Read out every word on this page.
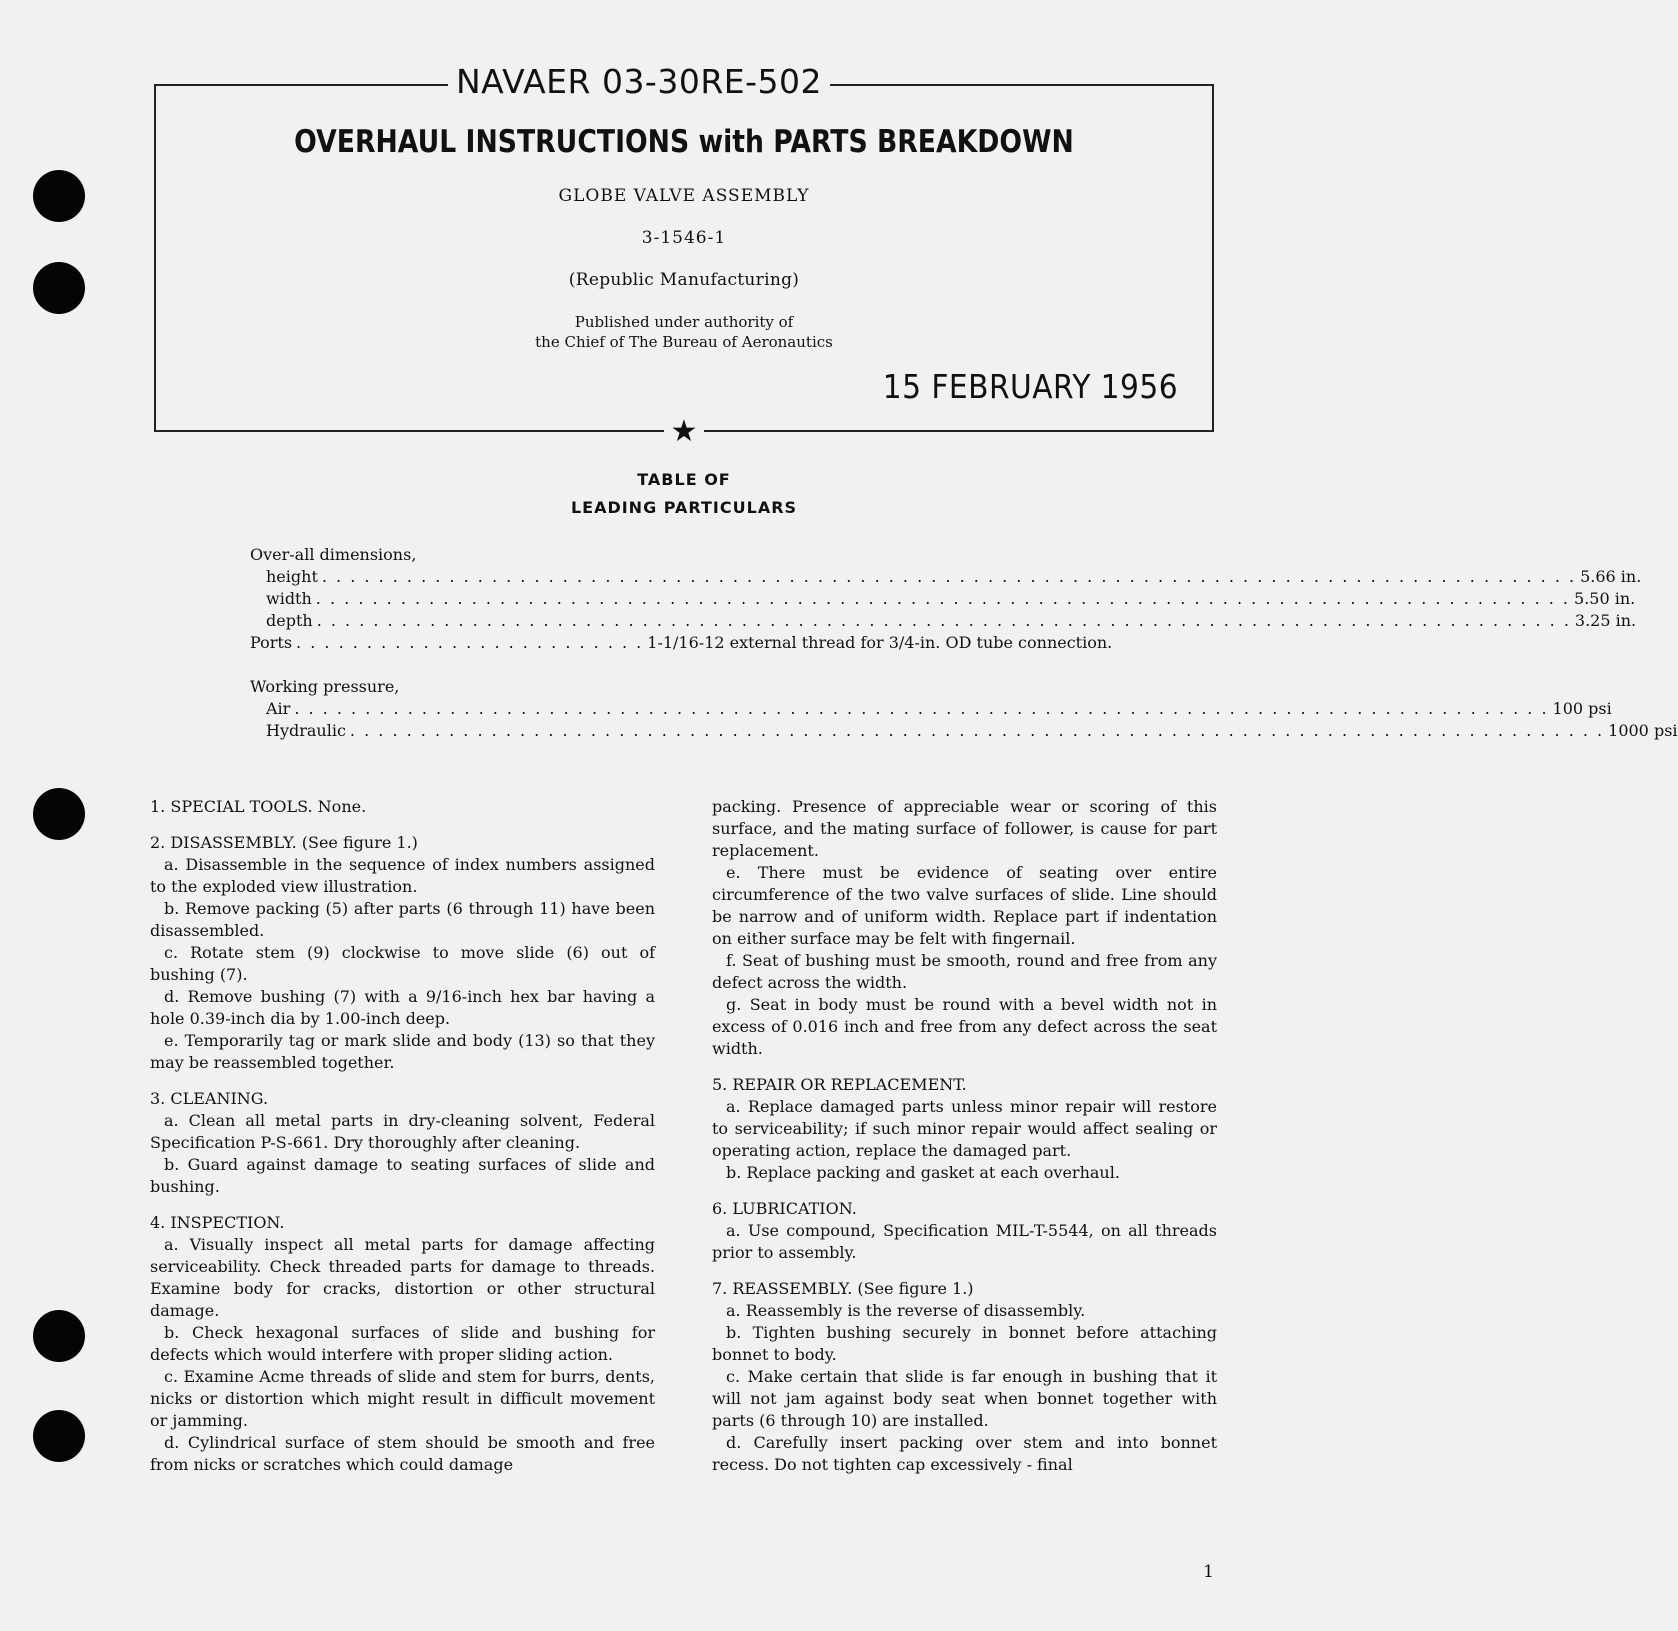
NAVAER 03-30RE-502
OVERHAUL INSTRUCTIONS with PARTS BREAKDOWN
GLOBE VALVE ASSEMBLY
3-1546-1
(Republic Manufacturing)
Published under authority of
the Chief of The Bureau of Aeronautics
15 FEBRUARY 1956
★
TABLE OF
LEADING PARTICULARS
Over-all dimensions,
height . . . . . . . . . . . . . . . . . . . . . . . . . . . . . . . . . . . . . . . . . . . . . . . . . . . . . . . . . . . . . . . . . . . . . . . . . . . . . . . . . . . . . . . . . 5.66 in.
width . . . . . . . . . . . . . . . . . . . . . . . . . . . . . . . . . . . . . . . . . . . . . . . . . . . . . . . . . . . . . . . . . . . . . . . . . . . . . . . . . . . . . . . . . 5.50 in.
depth . . . . . . . . . . . . . . . . . . . . . . . . . . . . . . . . . . . . . . . . . . . . . . . . . . . . . . . . . . . . . . . . . . . . . . . . . . . . . . . . . . . . . . . . . 3.25 in.
Ports . . . . . . . . . . . . . . . . . . . . . . . . . 1-1/16-12 external thread for 3/4-in. OD tube connection.
Working pressure,
Air . . . . . . . . . . . . . . . . . . . . . . . . . . . . . . . . . . . . . . . . . . . . . . . . . . . . . . . . . . . . . . . . . . . . . . . . . . . . . . . . . . . . . . . . . 100 psi
Hydraulic . . . . . . . . . . . . . . . . . . . . . . . . . . . . . . . . . . . . . . . . . . . . . . . . . . . . . . . . . . . . . . . . . . . . . . . . . . . . . . . . . . . . . . . . . 1000 psi

1. SPECIAL TOOLS. None.

2. DISASSEMBLY. (See figure 1.)

a. Disassemble in the sequence of index numbers assigned to the exploded view illustration.

b. Remove packing (5) after parts (6 through 11) have been disassembled.

c. Rotate stem (9) clockwise to move slide (6) out of bushing (7).

d. Remove bushing (7) with a 9/16-inch hex bar having a hole 0.39-inch dia by 1.00-inch deep.

e. Temporarily tag or mark slide and body (13) so that they may be reassembled together.

3. CLEANING.

a. Clean all metal parts in dry-cleaning solvent, Federal Specification P-S-661. Dry thoroughly after cleaning.

b. Guard against damage to seating surfaces of slide and bushing.

4. INSPECTION.

a. Visually inspect all metal parts for damage affecting serviceability. Check threaded parts for damage to threads. Examine body for cracks, distortion or other structural damage.

b. Check hexagonal surfaces of slide and bushing for defects which would interfere with proper sliding action.

c. Examine Acme threads of slide and stem for burrs, dents, nicks or distortion which might result in difficult movement or jamming.

d. Cylindrical surface of stem should be smooth and free from nicks or scratches which could damage

packing. Presence of appreciable wear or scoring of this surface, and the mating surface of follower, is cause for part replacement.

e. There must be evidence of seating over entire circumference of the two valve surfaces of slide. Line should be narrow and of uniform width. Replace part if indentation on either surface may be felt with fingernail.

f. Seat of bushing must be smooth, round and free from any defect across the width.

g. Seat in body must be round with a bevel width not in excess of 0.016 inch and free from any defect across the seat width.

5. REPAIR OR REPLACEMENT.

a. Replace damaged parts unless minor repair will restore to serviceability; if such minor repair would affect sealing or operating action, replace the damaged part.

b. Replace packing and gasket at each overhaul.

6. LUBRICATION.

a. Use compound, Specification MIL-T-5544, on all threads prior to assembly.

7. REASSEMBLY. (See figure 1.)

a. Reassembly is the reverse of disassembly.

b. Tighten bushing securely in bonnet before attaching bonnet to body.

c. Make certain that slide is far enough in bushing that it will not jam against body seat when bonnet together with parts (6 through 10) are installed.

d. Carefully insert packing over stem and into bonnet recess. Do not tighten cap excessively - final

1
